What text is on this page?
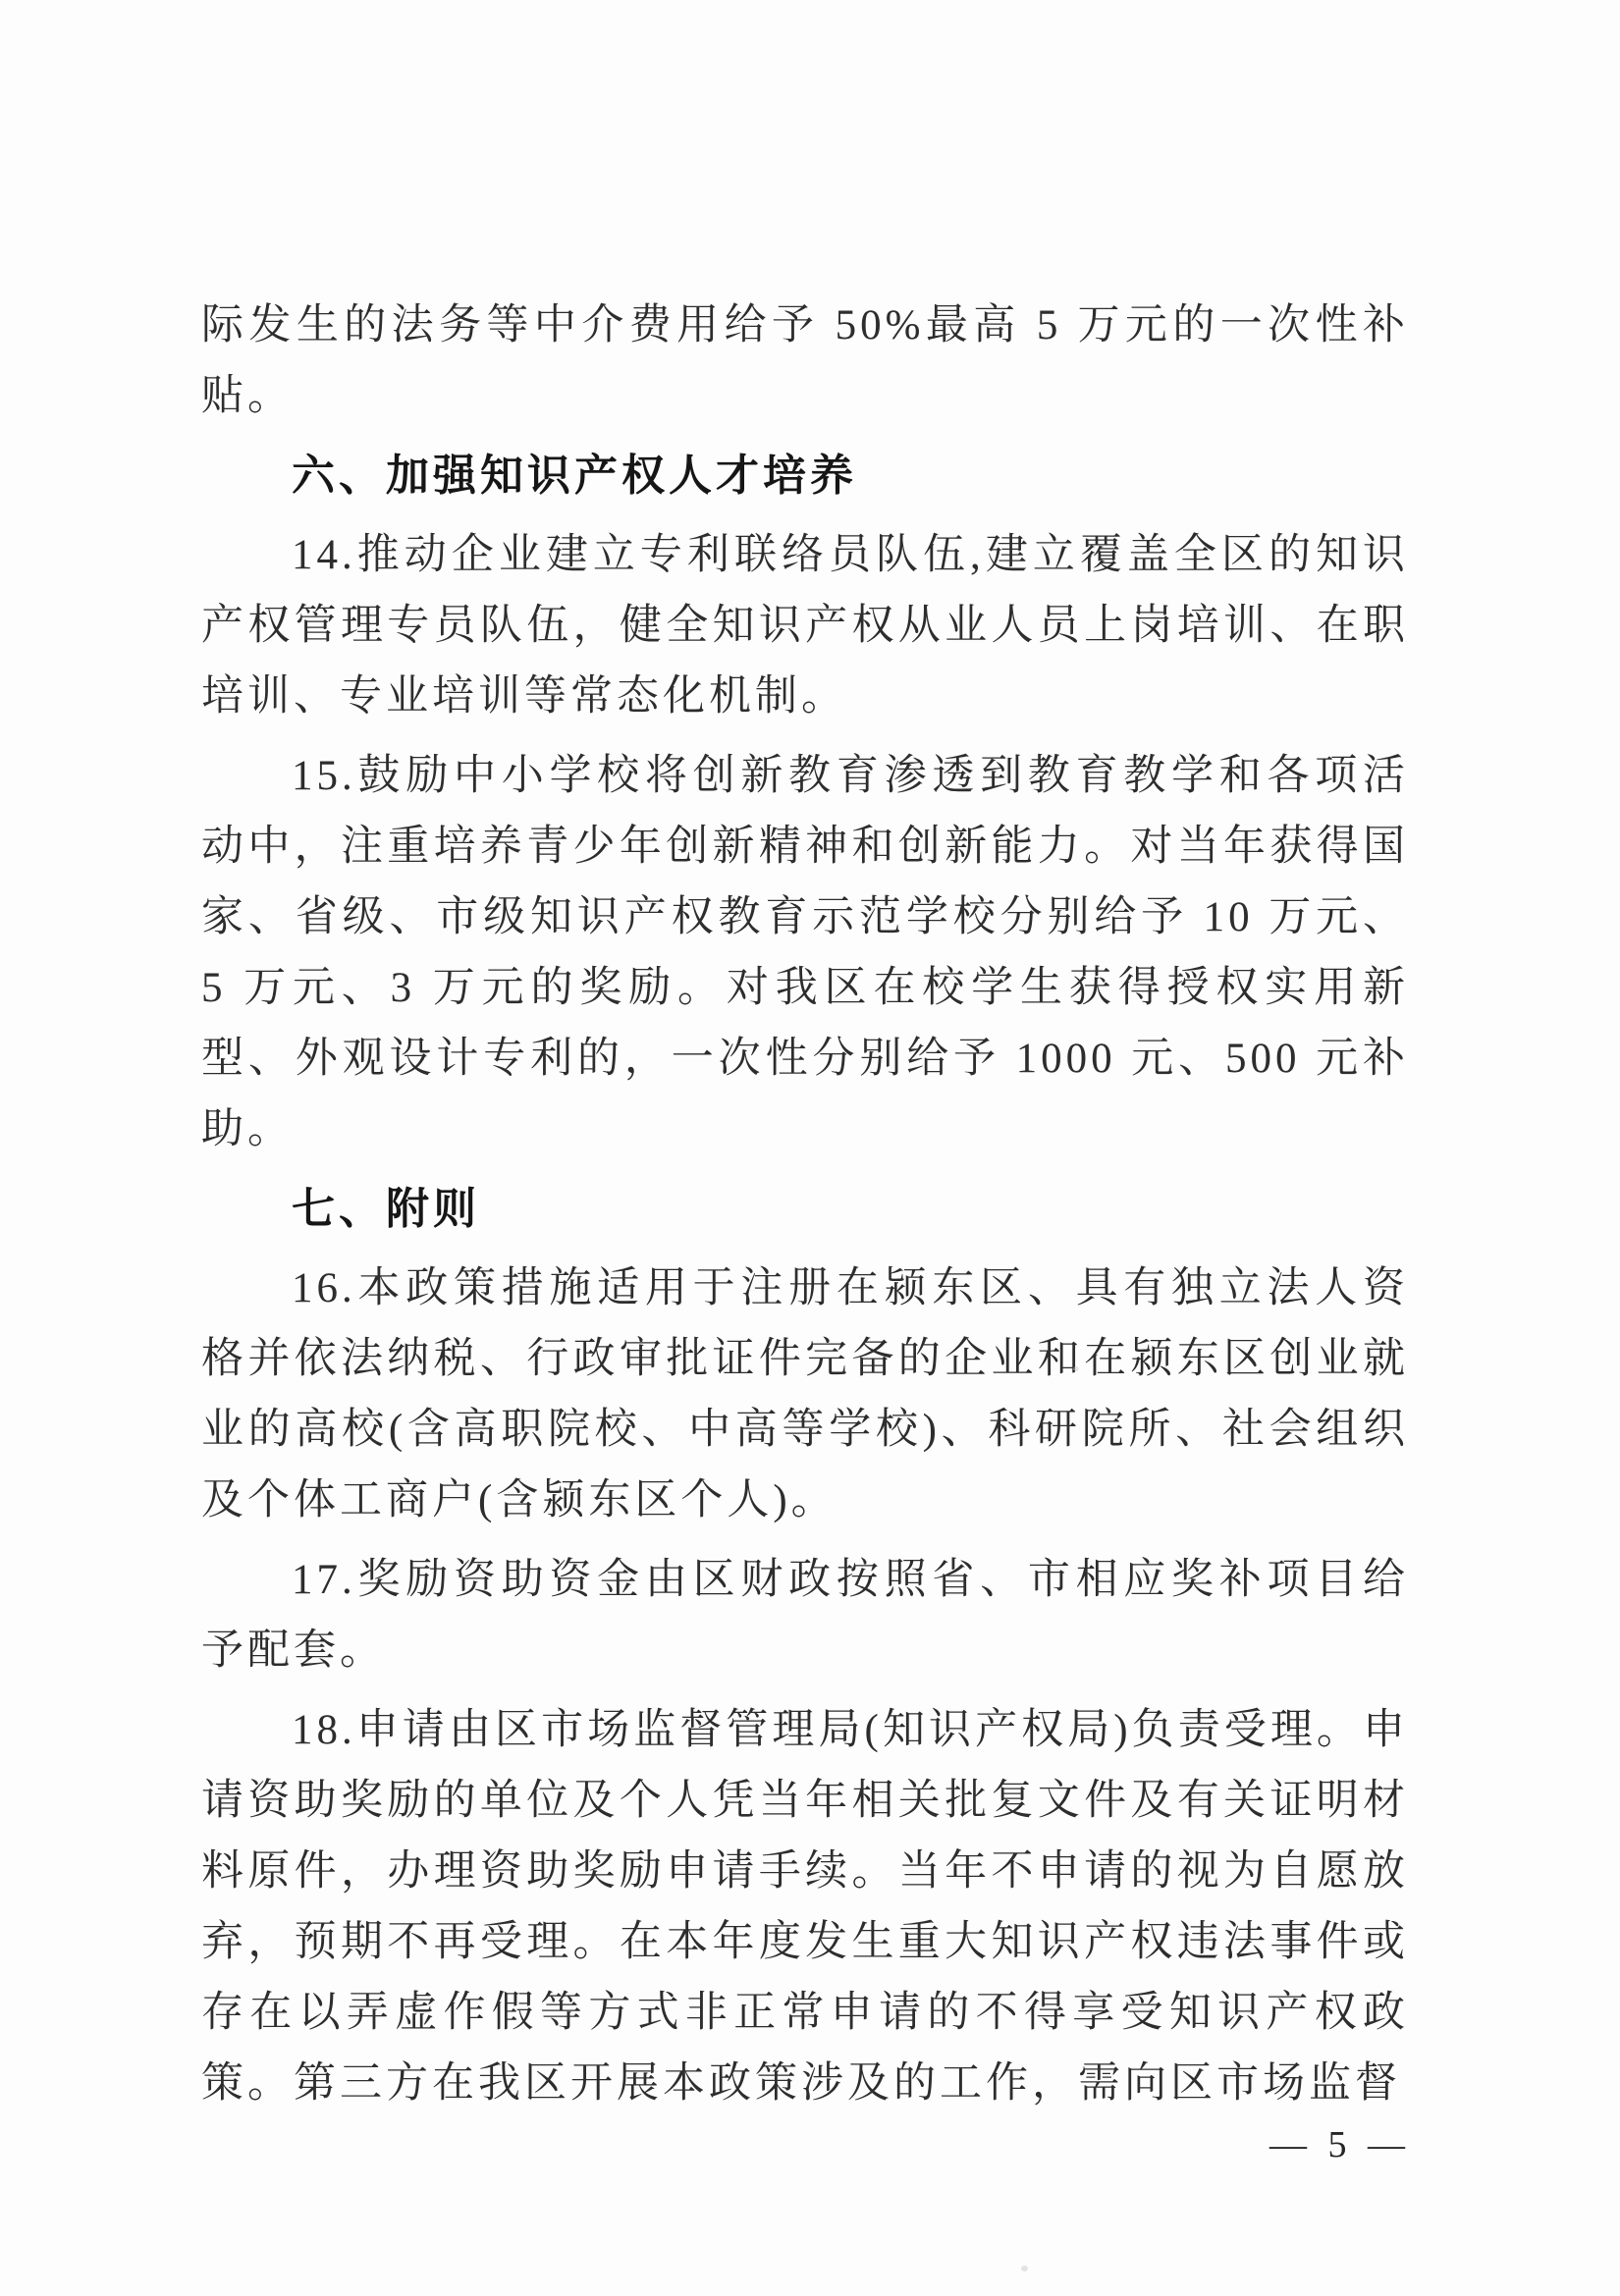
际发生的法务等中介费用给予 50%最高 5 万元的一次性补贴。

六、加强知识产权人才培养

14.推动企业建立专利联络员队伍,建立覆盖全区的知识产权管理专员队伍，健全知识产权从业人员上岗培训、在职培训、专业培训等常态化机制。

15.鼓励中小学校将创新教育渗透到教育教学和各项活动中，注重培养青少年创新精神和创新能力。对当年获得国家、省级、市级知识产权教育示范学校分别给予 10 万元、5 万元、3 万元的奖励。对我区在校学生获得授权实用新型、外观设计专利的，一次性分别给予 1000 元、500 元补助。

七、附则

16.本政策措施适用于注册在颍东区、具有独立法人资格并依法纳税、行政审批证件完备的企业和在颍东区创业就业的高校(含高职院校、中高等学校)、科研院所、社会组织及个体工商户(含颍东区个人)。

17.奖励资助资金由区财政按照省、市相应奖补项目给予配套。

18.申请由区市场监督管理局(知识产权局)负责受理。申请资助奖励的单位及个人凭当年相关批复文件及有关证明材料原件，办理资助奖励申请手续。当年不申请的视为自愿放弃，预期不再受理。在本年度发生重大知识产权违法事件或存在以弄虚作假等方式非正常申请的不得享受知识产权政策。第三方在我区开展本政策涉及的工作，需向区市场监督

— 5 —
